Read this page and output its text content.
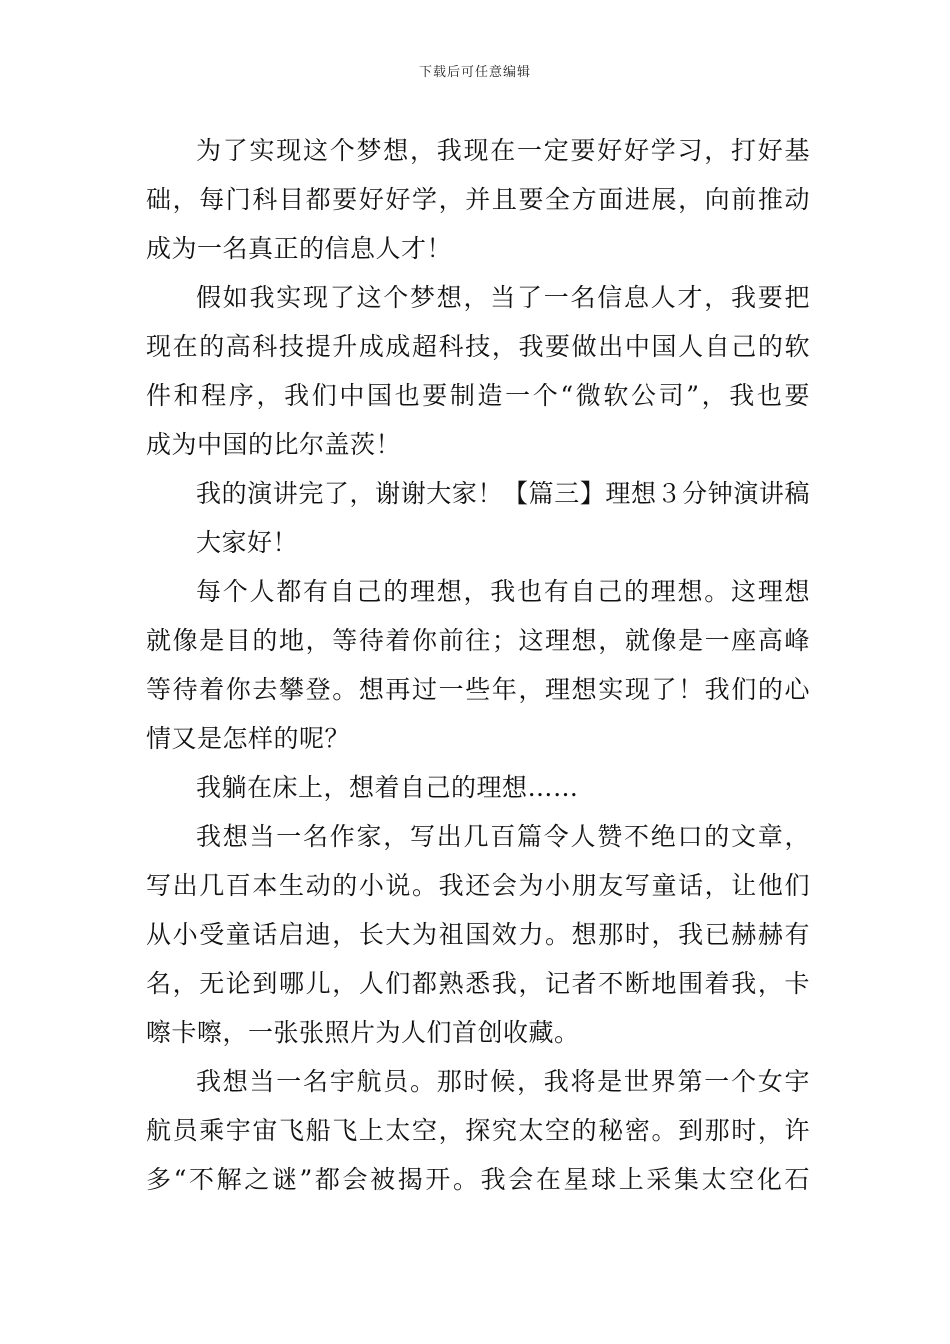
下载后可任意编辑
为了实现这个梦想，我现在一定要好好学习，打好基
础，每门科目都要好好学，并且要全方面进展，向前推动
成为一名真正的信息人才！
假如我实现了这个梦想，当了一名信息人才，我要把
现在的高科技提升成成超科技，我要做出中国人自己的软
件和程序，我们中国也要制造一个“微软公司”，我也要
成为中国的比尔盖茨！
我的演讲完了，谢谢大家！【篇三】理想３分钟演讲稿
大家好！
每个人都有自己的理想，我也有自己的理想。这理想
就像是目的地，等待着你前往；这理想，就像是一座高峰
等待着你去攀登。想再过一些年，理想实现了！我们的心
情又是怎样的呢？
我躺在床上，想着自己的理想……
我想当一名作家，写出几百篇令人赞不绝口的文章，
写出几百本生动的小说。我还会为小朋友写童话，让他们
从小受童话启迪，长大为祖国效力。想那时，我已赫赫有
名，无论到哪儿，人们都熟悉我，记者不断地围着我，卡
嚓卡嚓，一张张照片为人们首创收藏。
我想当一名宇航员。那时候，我将是世界第一个女宇
航员乘宇宙飞船飞上太空，探究太空的秘密。到那时，许
多“不解之谜”都会被揭开。我会在星球上采集太空化石
